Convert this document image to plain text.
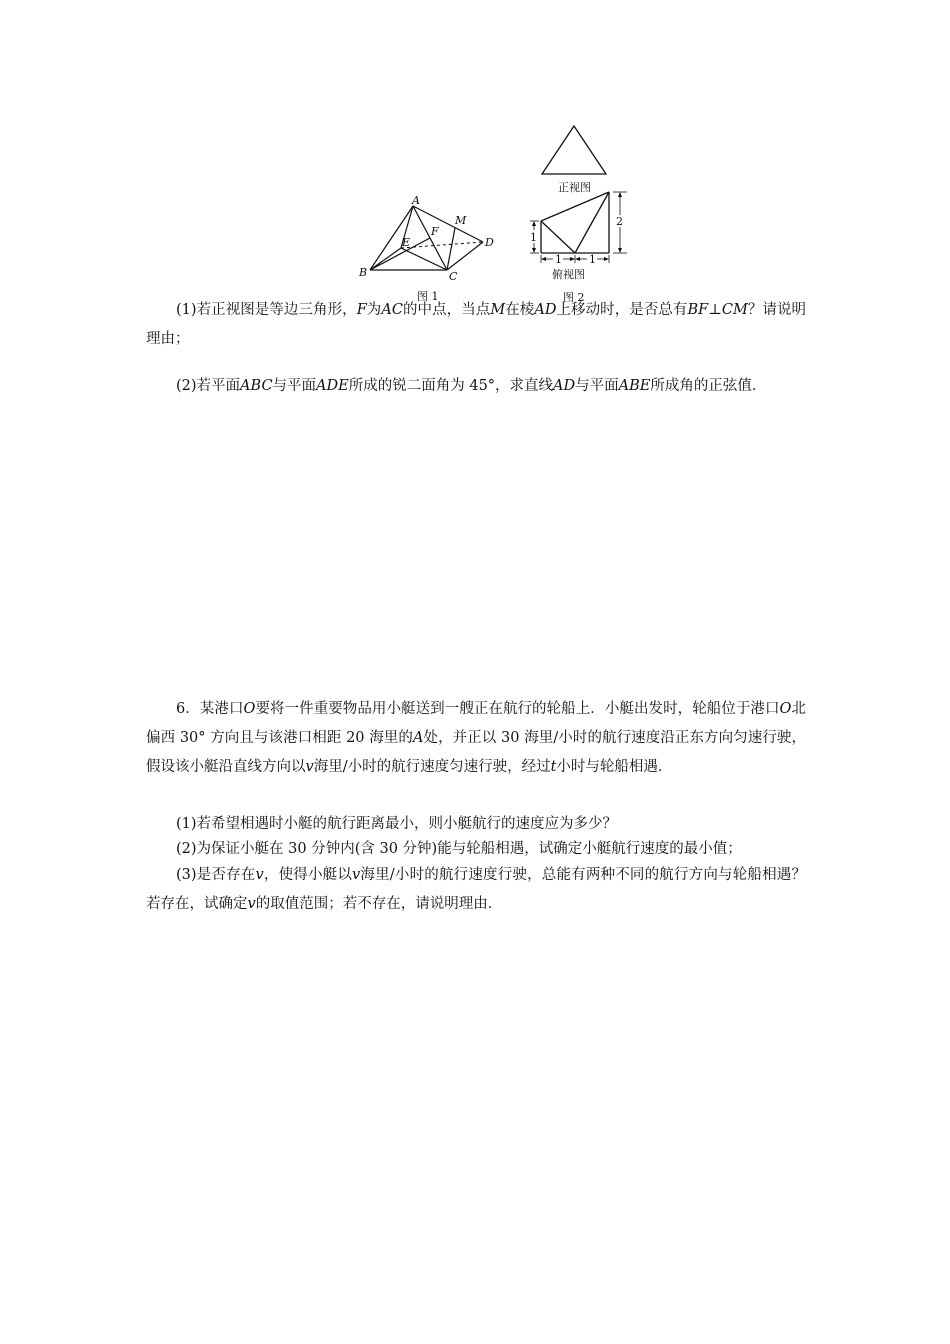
A
B	C
D
E
F
M
图 1
正视图
2
1
1 1
俯视图
图 2
(1)若正视图是等边三角形，F为AC的中点，当点M在棱AD上移动时，是否总有BF⊥CM？请说明理由；
(2)若平面ABC与平面ADE所成的锐二面角为 45°，求直线AD与平面ABE所成角的正弦值．
6．某港口O要将一件重要物品用小艇送到一艘正在航行的轮船上．小艇出发时，轮船位于港口O北偏西 30° 方向且与该港口相距 20 海里的A处，并正以 30 海里/小时的航行速度沿正东方向匀速行驶，假设该小艇沿直线方向以v海里/小时的航行速度匀速行驶，经过t小时与轮船相遇．
(1)若希望相遇时小艇的航行距离最小，则小艇航行的速度应为多少？
(2)为保证小艇在 30 分钟内(含 30 分钟)能与轮船相遇，试确定小艇航行速度的最小值；
(3)是否存在v，使得小艇以v海里/小时的航行速度行驶，总能有两种不同的航行方向与轮船相遇？若存在，试确定v的取值范围；若不存在，请说明理由．
